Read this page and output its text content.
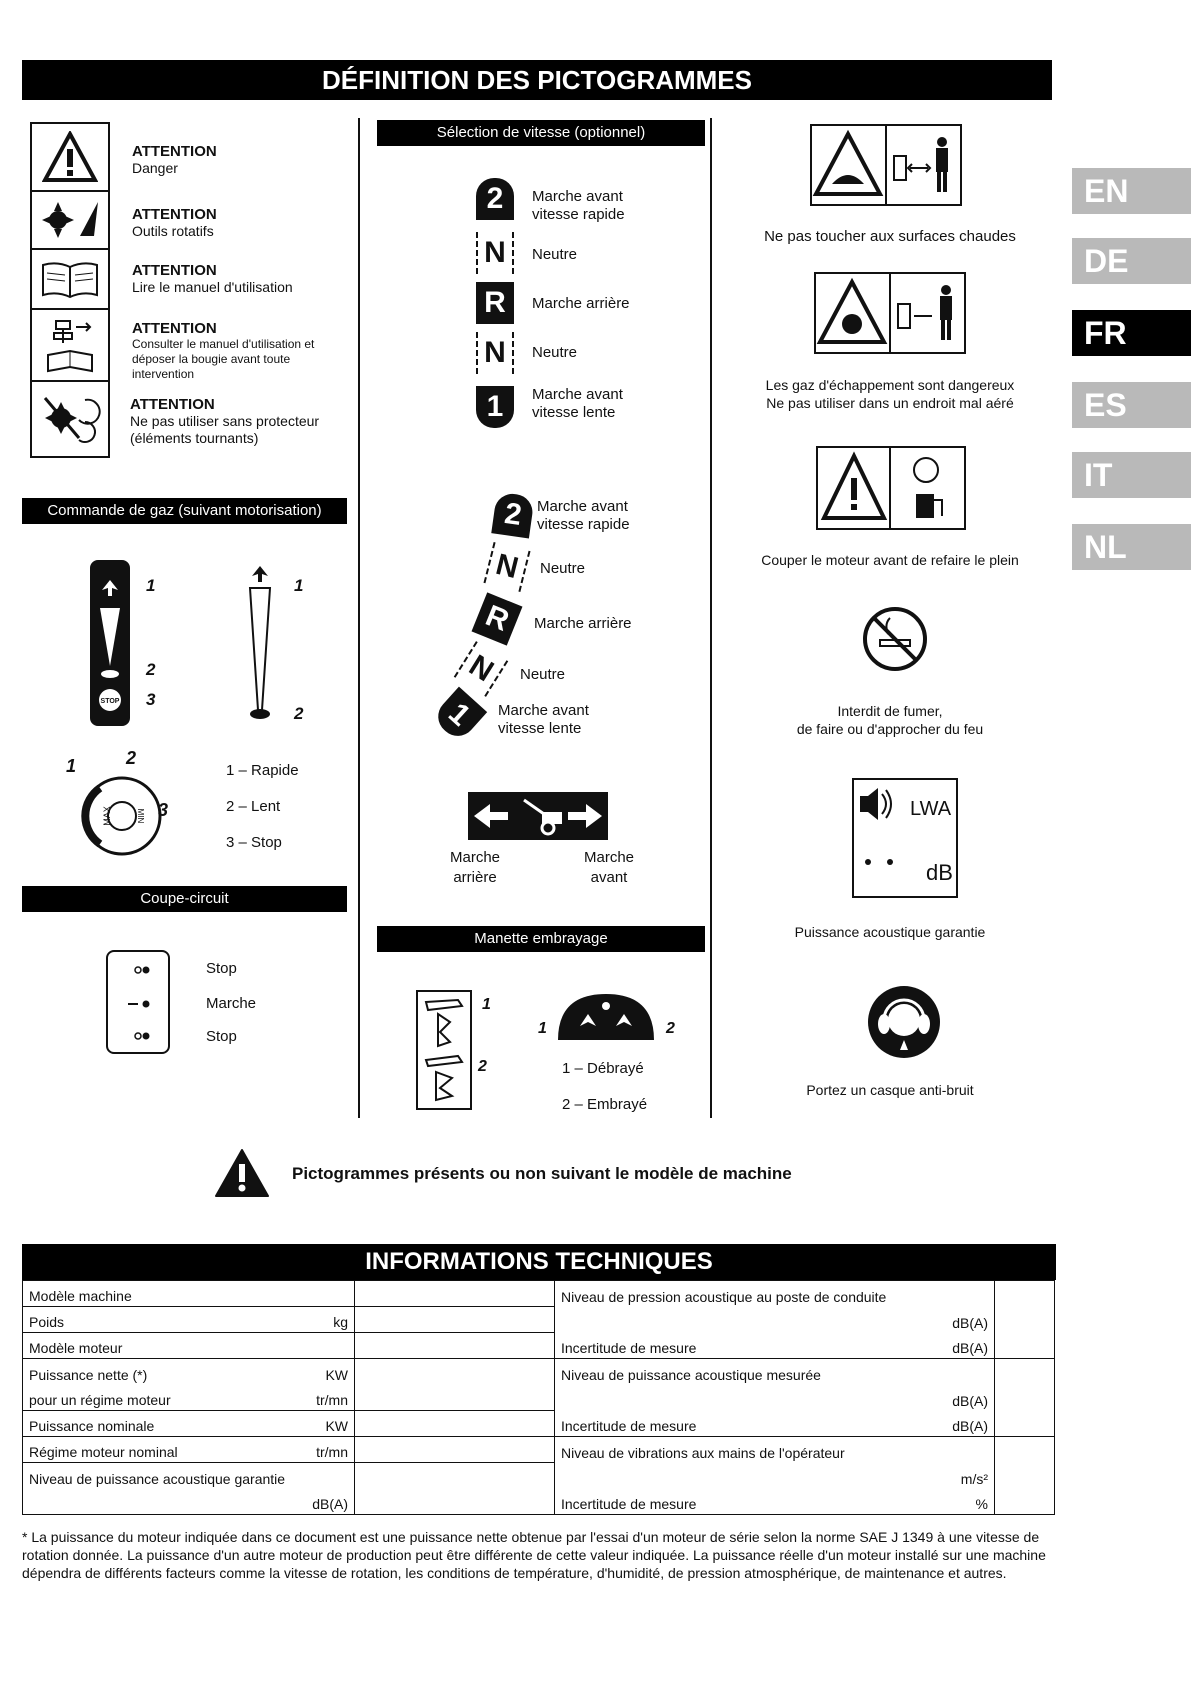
DÉFINITION DES PICTOGRAMMES
EN
DE
FR
ES
IT
NL
ATTENTION
Danger
ATTENTION
Outils rotatifs
ATTENTION
Lire le manuel d'utilisation
ATTENTION
Consulter le manuel d'utilisation et déposer la bougie avant toute intervention
ATTENTION
Ne pas utiliser sans protecteur (éléments tournants)
Commande de gaz (suivant motorisation)
STOP
1
2
3
1
2
MAX	MIN
1	2
3
1 – Rapide
2 – Lent
3 – Stop
Coupe-circuit
Stop
Marche
Stop
Sélection de vitesse (optionnel)
2
N
R
N
1
Marche avant vitesse rapide
Neutre
Marche arrière
Neutre
Marche avant vitesse lente
2
N
R
N
1
Marche avant vitesse rapide
Neutre
Marche arrière
Neutre
Marche avant vitesse lente
Marche arrière
Marche avant
Manette embrayage
1
2
1	2
1 – Débrayé
2 – Embrayé
Ne pas toucher aux surfaces chaudes
Les gaz d'échappement sont dangereux
Ne pas utiliser dans un endroit mal aéré
Couper le moteur avant de refaire le plein
Interdit de fumer,
de faire ou d'approcher du feu
LWA
dB
Puissance acoustique garantie
Portez un casque anti-bruit
Pictogrammes présents ou non suivant le modèle de machine
INFORMATIONS TECHNIQUES
Modèle machine		Niveau de pression acoustique au poste de conduite	
Poids kg		dB(A)	
Modèle moteur		Incertitude de mesure dB(A)	

Puissance nette (*) KW		Niveau de puissance acoustique mesurée	
pour un régime moteur tr/mn		dB(A)	
Puissance nominale KW		Incertitude de mesure dB(A)	

Régime moteur nominal tr/mn		Niveau de vibrations aux mains de l'opérateur	
Niveau de puissance acoustique garantie		m/s²	
dB(A)		Incertitude de mesure %	
* La puissance du moteur indiquée dans ce document est une puissance nette obtenue par l'essai d'un moteur de série selon la norme SAE J 1349 à une vitesse de rotation donnée. La puissance d'un autre moteur de production peut être différente de cette valeur indiquée. La puissance réelle d'un moteur installé sur une machine dépendra de différents facteurs comme la vitesse de rotation, les conditions de température, d'humidité, de pression atmosphérique, de maintenance et autres.
